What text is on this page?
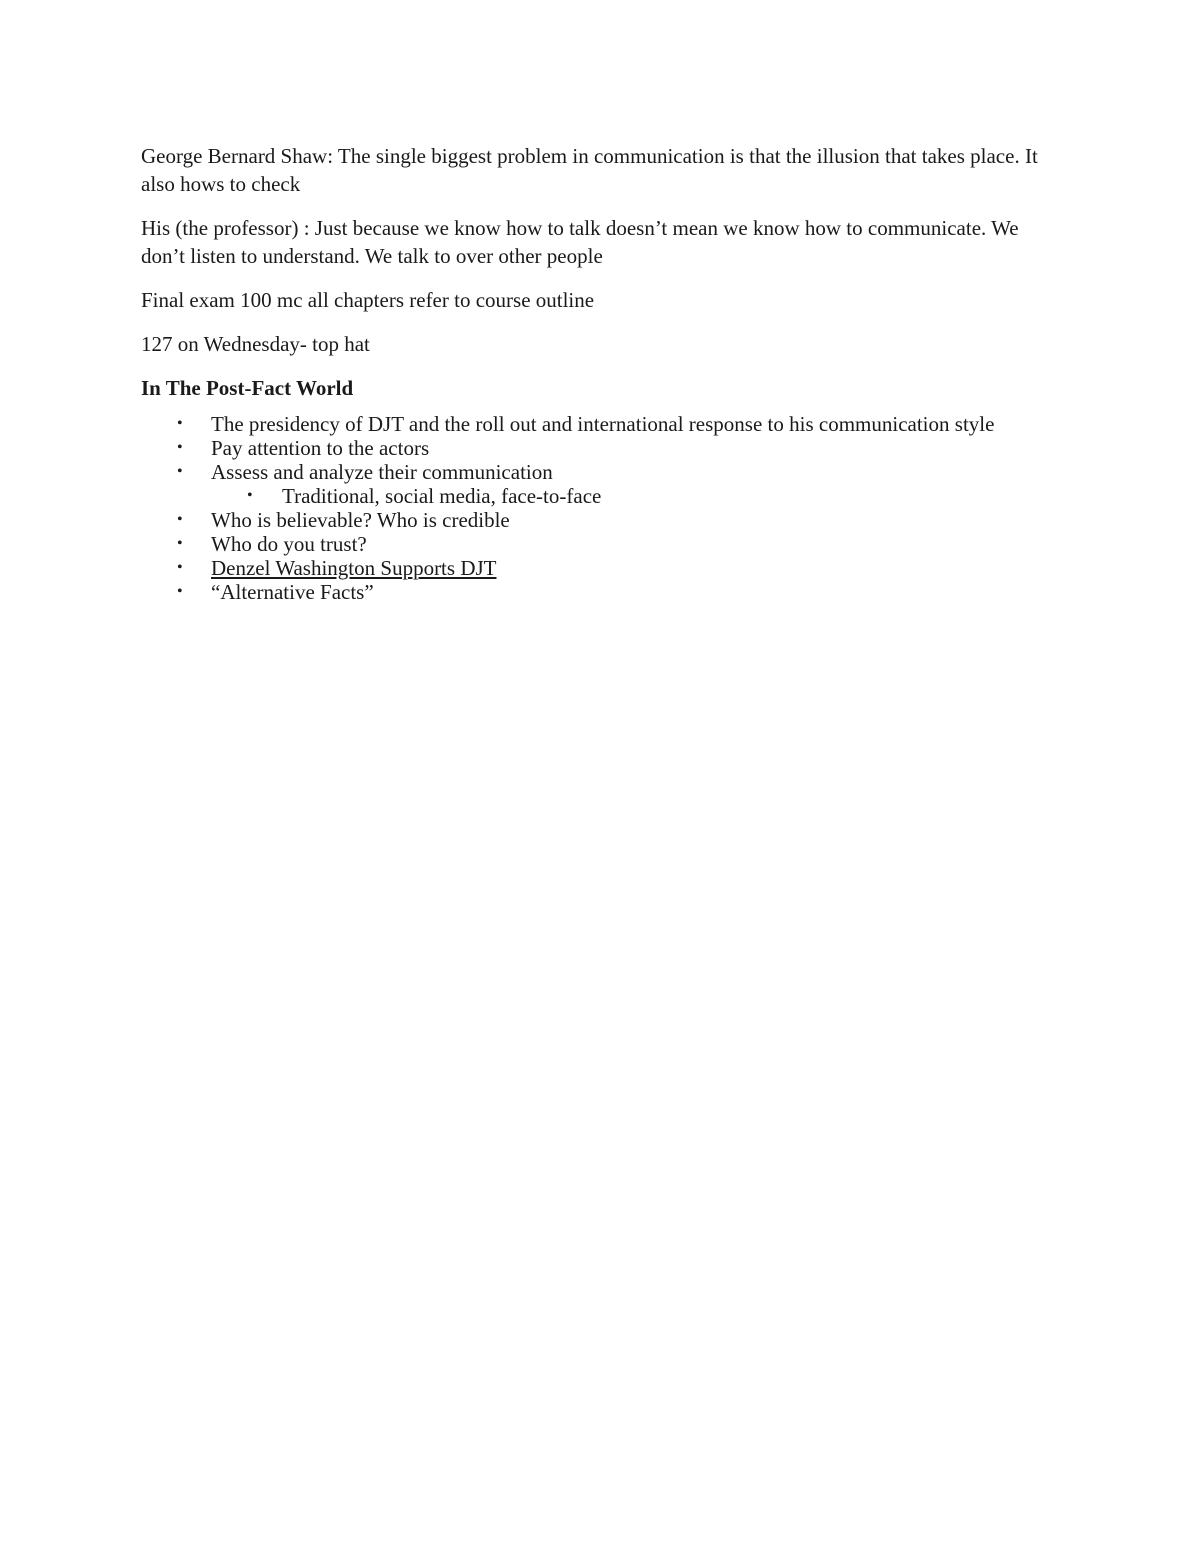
George Bernard Shaw: The single biggest problem in communication is that the illusion that takes place. It also hows to check

His (the professor) : Just because we know how to talk doesn’t mean we know how to communicate. We don’t listen to understand. We talk to over other people

Final exam 100 mc all chapters refer to course outline

127 on Wednesday- top hat

In The Post-Fact World

• The presidency of DJT and the roll out and international response to his communication style
• Pay attention to the actors
• Assess and analyze their communication
• Traditional, social media, face-to-face
• Who is believable? Who is credible
• Who do you trust?
• Denzel Washington Supports DJT
• “Alternative Facts”
